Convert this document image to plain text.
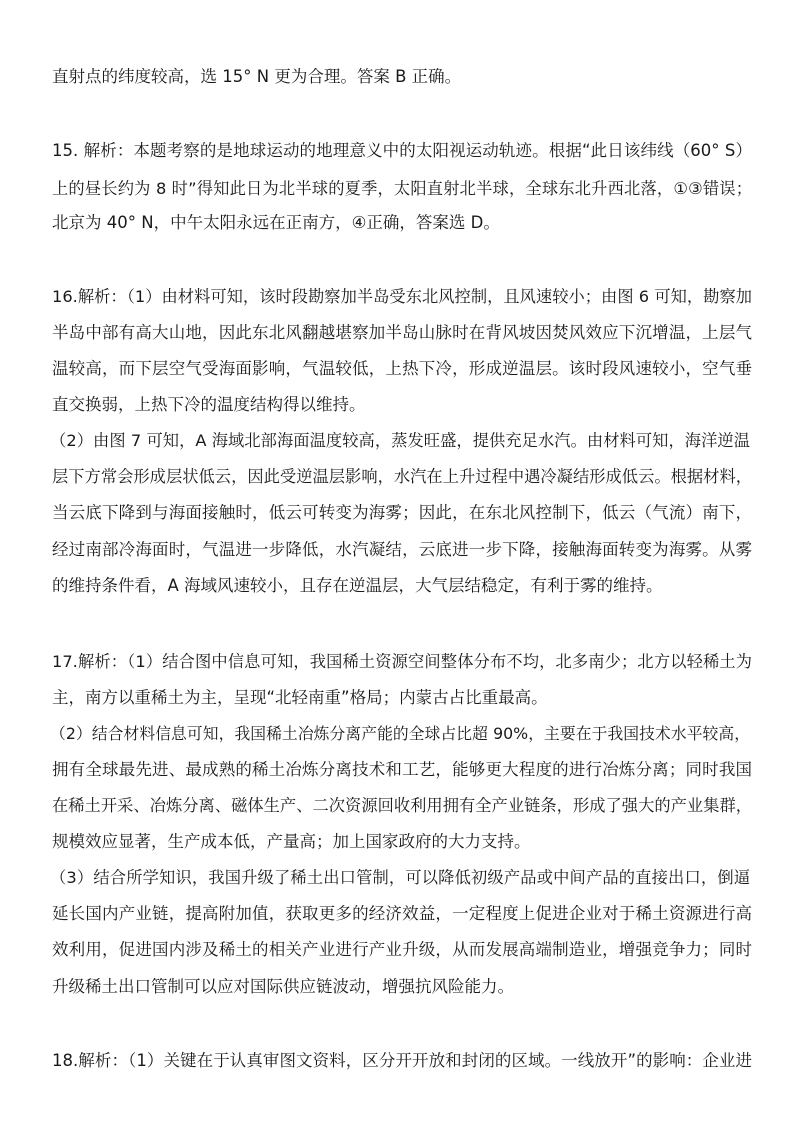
直射点的纬度较高，选 15° N 更为合理。答案 B 正确。
15. 解析：本题考察的是地球运动的地理意义中的太阳视运动轨迹。根据“此日该纬线（60° S）
上的昼长约为 8 时”得知此日为北半球的夏季，太阳直射北半球，全球东北升西北落，①③错误；
北京为 40° N，中午太阳永远在正南方，④正确，答案选 D。
16.解析：（1）由材料可知，该时段勘察加半岛受东北风控制，且风速较小；由图 6 可知，勘察加
半岛中部有高大山地，因此东北风翻越堪察加半岛山脉时在背风坡因焚风效应下沉增温，上层气
温较高，而下层空气受海面影响，气温较低，上热下冷，形成逆温层。该时段风速较小，空气垂
直交换弱，上热下冷的温度结构得以维持。
（2）由图 7 可知，A 海域北部海面温度较高，蒸发旺盛，提供充足水汽。由材料可知，海洋逆温
层下方常会形成层状低云，因此受逆温层影响，水汽在上升过程中遇冷凝结形成低云。根据材料，
当云底下降到与海面接触时，低云可转变为海雾；因此，在东北风控制下，低云（气流）南下，
经过南部冷海面时，气温进一步降低，水汽凝结，云底进一步下降，接触海面转变为海雾。从雾
的维持条件看，A 海域风速较小，且存在逆温层，大气层结稳定，有利于雾的维持。
17.解析：（1）结合图中信息可知，我国稀土资源空间整体分布不均，北多南少；北方以轻稀土为
主，南方以重稀土为主，呈现“北轻南重”格局；内蒙古占比重最高。
（2）结合材料信息可知，我国稀土冶炼分离产能的全球占比超 90%，主要在于我国技术水平较高，
拥有全球最先进、最成熟的稀土冶炼分离技术和工艺，能够更大程度的进行冶炼分离；同时我国
在稀土开采、冶炼分离、磁体生产、二次资源回收利用拥有全产业链条，形成了强大的产业集群，
规模效应显著，生产成本低，产量高；加上国家政府的大力支持。
（3）结合所学知识，我国升级了稀土出口管制，可以降低初级产品或中间产品的直接出口，倒逼
延长国内产业链，提高附加值，获取更多的经济效益，一定程度上促进企业对于稀土资源进行高
效利用，促进国内涉及稀土的相关产业进行产业升级，从而发展高端制造业，增强竞争力；同时
升级稀土出口管制可以应对国际供应链波动，增强抗风险能力。
18.解析：（1）关键在于认真审图文资料，区分开开放和封闭的区域。一线放开”的影响：企业进
